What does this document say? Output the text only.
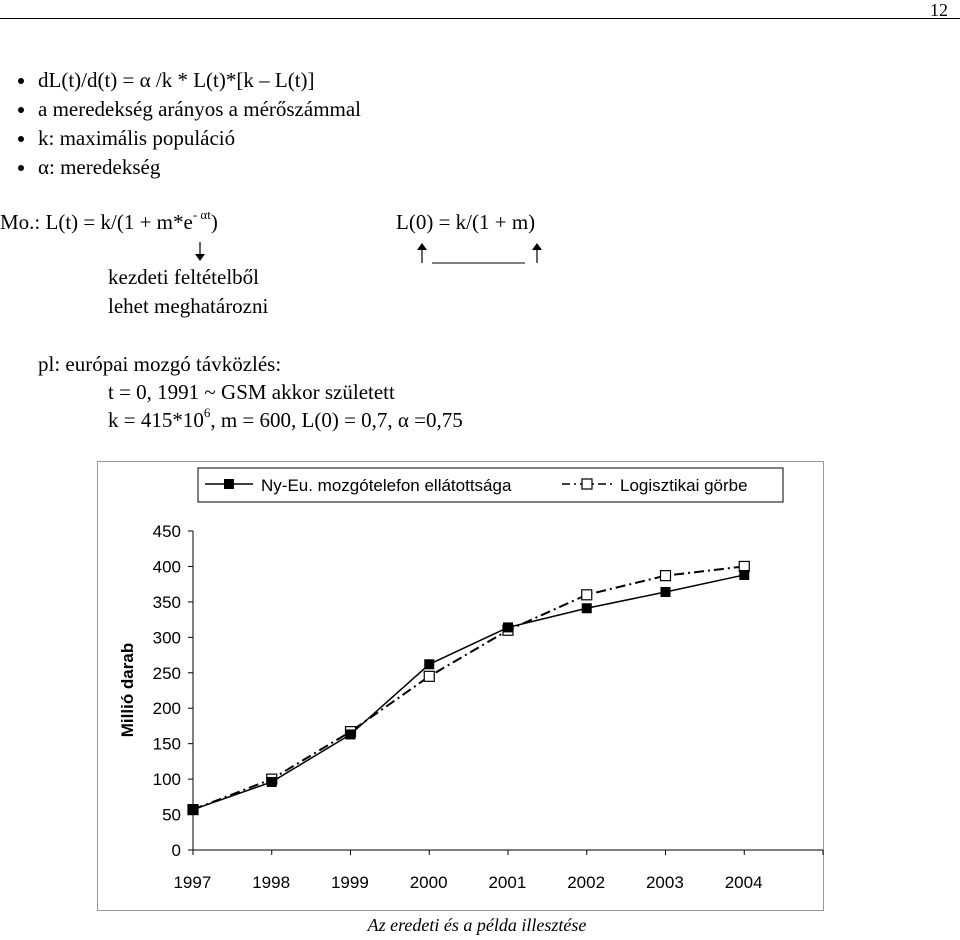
12
dL(t)/d(t) = α /k * L(t)*[k – L(t)]
a meredekség arányos a mérőszámmal
k: maximális populáció
α: meredekség
Mo.: $L(t) = k/(1 + m*e^{- \alpha t})$	L(0) = k/(1 + m)
kezdeti feltételből
lehet meghatározni
pl: európai mozgó távközlés:
t = 0, 1991 ~ GSM akkor született
$k = 415*10^6$, m = 600, L(0) = 0,7, α =0,75
0
50
100
150
200
250
300
350
400
450
1997 1998 1999 2000 2001 2002 2003 2004
Millió darab
Ny-Eu. mozgótelefon ellátottsága	Logisztikai görbe
Az eredeti és a példa illesztése
